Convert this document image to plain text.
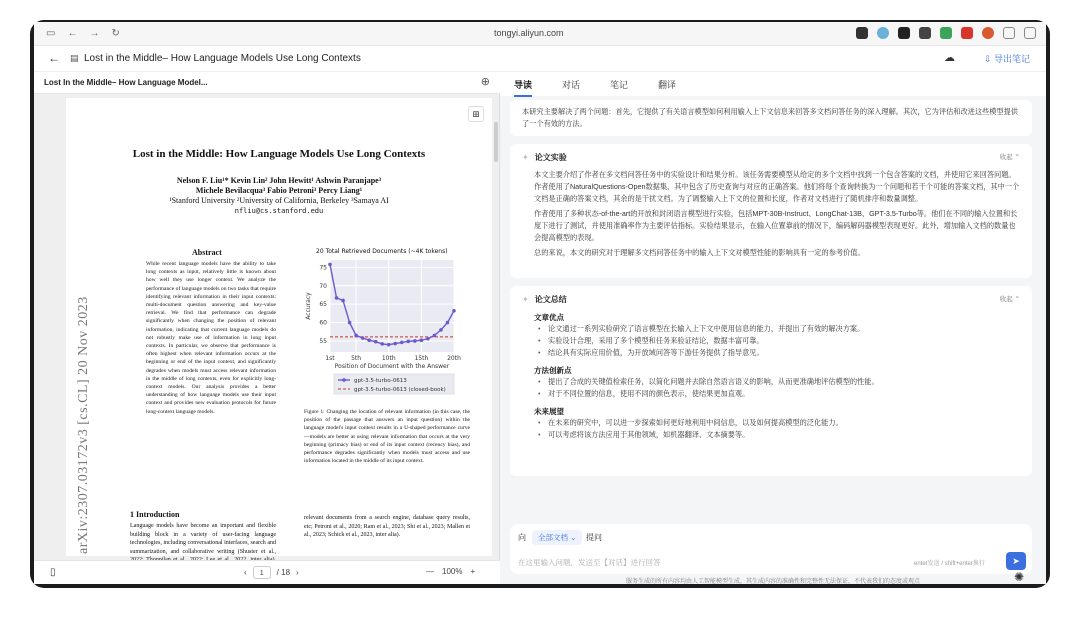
▭ ← → ↻	tongyi.aliyun.com
← ▤ Lost in the Middle– How Language Models Use Long Contexts	☁	⇩ 导出笔记
Lost In the Middle– How Language Model...	⊕
⊞
arXiv:2307.03172v3 [cs.CL] 20 Nov 2023
Lost in the Middle: How Language Models Use Long Contexts
Nelson F. Liu¹* Kevin Lin² John Hewitt¹ Ashwin Paranjape³
Michele Bevilacqua³ Fabio Petroni³ Percy Liang¹
¹Stanford University ²University of California, Berkeley ³Samaya AI
nfliu@cs.stanford.edu
Abstract
While recent language models have the ability to take long contexts as input, relatively little is known about how well they use longer context. We analyze the performance of language models on two tasks that require identifying relevant information in their input contexts: multi-document question answering and key-value retrieval. We find that performance can degrade significantly when changing the position of relevant information, indicating that current language models do not robustly make use of information in long input contexts. In particular, we observe that performance is often highest when relevant information occurs at the beginning or end of the input context, and significantly degrades when models must access relevant information in the middle of long contexts, even for explicitly long-context models. Our analysis provides a better understanding of how language models use their input context and provides new evaluation protocols for future long-context language models.
20 Total Retrieved Documents (~4K tokens)
55
60
65
70
75
1st	5th	10th	15th	20th
Accuracy
Position of Document with the Answer
gpt-3.5-turbo-0613
gpt-3.5-turbo-0613 (closed-book)
Figure 1: Changing the location of relevant information (in this case, the position of the passage that answers an input question) within the language model's input context results in a U-shaped performance curve—models are better at using relevant information that occurs at the very beginning (primacy bias) or end of its input context (recency bias), and performance degrades significantly when models must access and use information located in the middle of its input context.
1 Introduction
Language models have become an important and flexible building block in a variety of user-facing language technologies, including conversational interfaces, search and summarization, and collaborative writing (Shuster et al.,
relevant documents from a search engine, database query results, etc; Petroni et al., 2020; Ram et al., 2023; Shi et al., 2023; Mallen et al., 2023; Schick et al., 2023, inter alia).
▯	‹	1	/ 18 ›	— 100% +
导读	对话	笔记	翻译
本研究主要解决了两个问题：首先，它提供了有关语言模型如何利用输入上下文信息来回答多文档问答任务的深入理解。其次，它为评估和改进这些模型提供了一个有效的方法。
✦ 论文实验	收起 ⌃
本文主要介绍了作者在多文档问答任务中的实验设计和结果分析。该任务需要模型从给定的多个文档中找到一个包含答案的文档，并使用它来回答问题。作者使用了NaturalQuestions-Open数据集，其中包含了历史查询与对应的正确答案。他们将每个查询转换为一个问题和若干个可能的答案文档，其中一个文档是正确的答案文档，其余的是干扰文档。为了调整输入上下文的位置和长度，作者对文档进行了随机排序和数量调整。
作者使用了多种状态-of-the-art的开放和封闭语言模型进行实验，包括MPT-30B-Instruct、LongChat-13B、GPT-3.5-Turbo等。他们在不同的输入位置和长度下进行了测试，并使用准确率作为主要评估指标。实验结果显示，在输入位置靠前的情况下，编码解码器模型表现更好。此外，增加输入文档的数量也会提高模型的表现。
总的来说，本文的研究对于理解多文档问答任务中的输入上下文对模型性能的影响具有一定的参考价值。
✦ 论文总结	收起 ⌃
文章优点
• 论文通过一系列实验研究了语言模型在长输入上下文中使用信息的能力，并提出了有效的解决方案。
• 实验设计合理，采用了多个模型和任务来验证结论，数据丰富可靠。
• 结论具有实际应用价值，为开放域问答等下游任务提供了指导意见。
方法创新点
• 提出了合成的关键值检索任务，以简化问题并去除自然语言语义的影响，从而更准确地评估模型的性能。
• 对于不同位置的信息，使用不同的颜色表示，使结果更加直观。
未来展望
• 在未来的研究中，可以进一步探索如何更好地利用中间信息，以及如何提高模型的泛化能力。
• 可以考虑将该方法应用于其他领域，如机器翻译、文本摘要等。
向	全部文档 ⌄	提问
在这里输入问题，发送至【对话】进行回答	enter发送 / shift+enter换行	➤
服务生成的所有内容均由人工智能模型生成，其生成内容的准确性和完整性无法保证，不代表我们的态度或观点	✺
